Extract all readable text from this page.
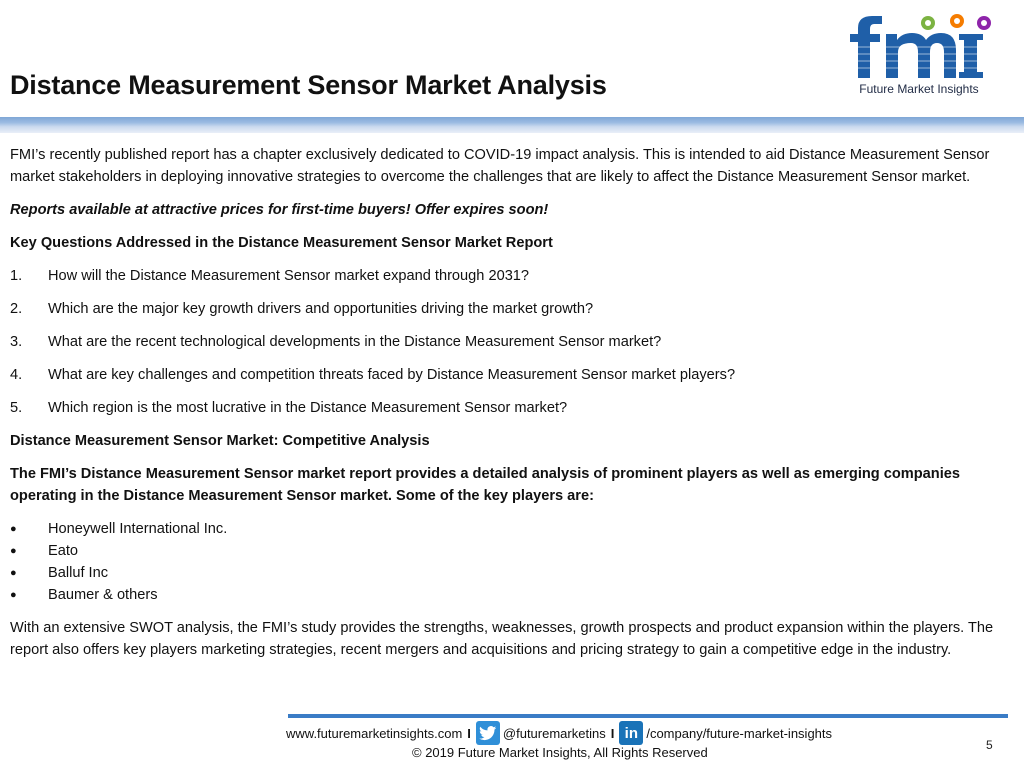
Distance Measurement Sensor Market Analysis	Future Market Insights

FMI’s recently published report has a chapter exclusively dedicated to COVID-19 impact analysis. This is intended to aid Distance Measurement Sensor market stakeholders in deploying innovative strategies to overcome the challenges that are likely to affect the Distance Measurement Sensor market.

Reports available at attractive prices for first-time buyers! Offer expires soon!

Key Questions Addressed in the Distance Measurement Sensor Market Report

1.	How will the Distance Measurement Sensor market expand through 2031?
2.	Which are the major key growth drivers and opportunities driving the market growth?
3.	What are the recent technological developments in the Distance Measurement Sensor market?
4.	What are key challenges and competition threats faced by Distance Measurement Sensor market players?
5.	Which region is the most lucrative in the Distance Measurement Sensor market?

Distance Measurement Sensor Market: Competitive Analysis

The FMI’s Distance Measurement Sensor market report provides a detailed analysis of prominent players as well as emerging companies operating in the Distance Measurement Sensor market. Some of the key players are:

●	Honeywell International Inc.
●	Eato
●	Balluf Inc
●	Baumer & others

With an extensive SWOT analysis, the FMI’s study provides the strengths, weaknesses, growth prospects and product expansion within the players. The report also offers key players marketing strategies, recent mergers and acquisitions and pricing strategy to gain a competitive edge in the industry.

www.futuremarketinsights.com I @futuremarketins I in /company/future-market-insights
© 2019 Future Market Insights, All Rights Reserved	5
